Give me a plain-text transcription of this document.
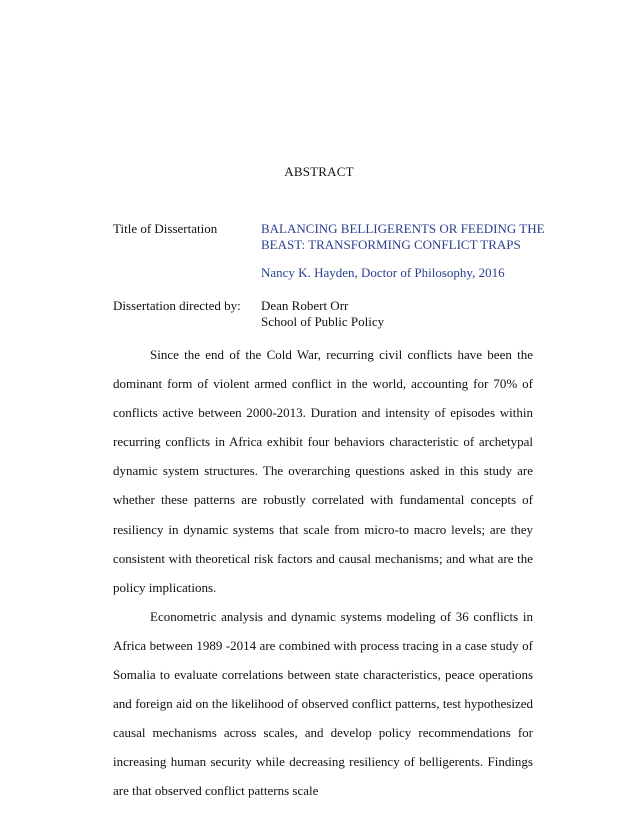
ABSTRACT
Title of Dissertation	BALANCING BELLIGERENTS OR FEEDING THE
BEAST: TRANSFORMING CONFLICT TRAPS
Nancy K. Hayden, Doctor of Philosophy, 2016
Dissertation directed by: Dean Robert Orr
School of Public Policy

Since the end of the Cold War, recurring civil conflicts have been the dominant form of violent armed conflict in the world, accounting for 70% of conflicts active between 2000-2013. Duration and intensity of episodes within recurring conflicts in Africa exhibit four behaviors characteristic of archetypal dynamic system structures. The overarching questions asked in this study are whether these patterns are robustly correlated with fundamental concepts of resiliency in dynamic systems that scale from micro-to macro levels; are they consistent with theoretical risk factors and causal mechanisms; and what are the policy implications.

Econometric analysis and dynamic systems modeling of 36 conflicts in Africa between 1989 -2014 are combined with process tracing in a case study of Somalia to evaluate correlations between state characteristics, peace operations and foreign aid on the likelihood of observed conflict patterns, test hypothesized causal mechanisms across scales, and develop policy recommendations for increasing human security while decreasing resiliency of belligerents. Findings are that observed conflict patterns scale
